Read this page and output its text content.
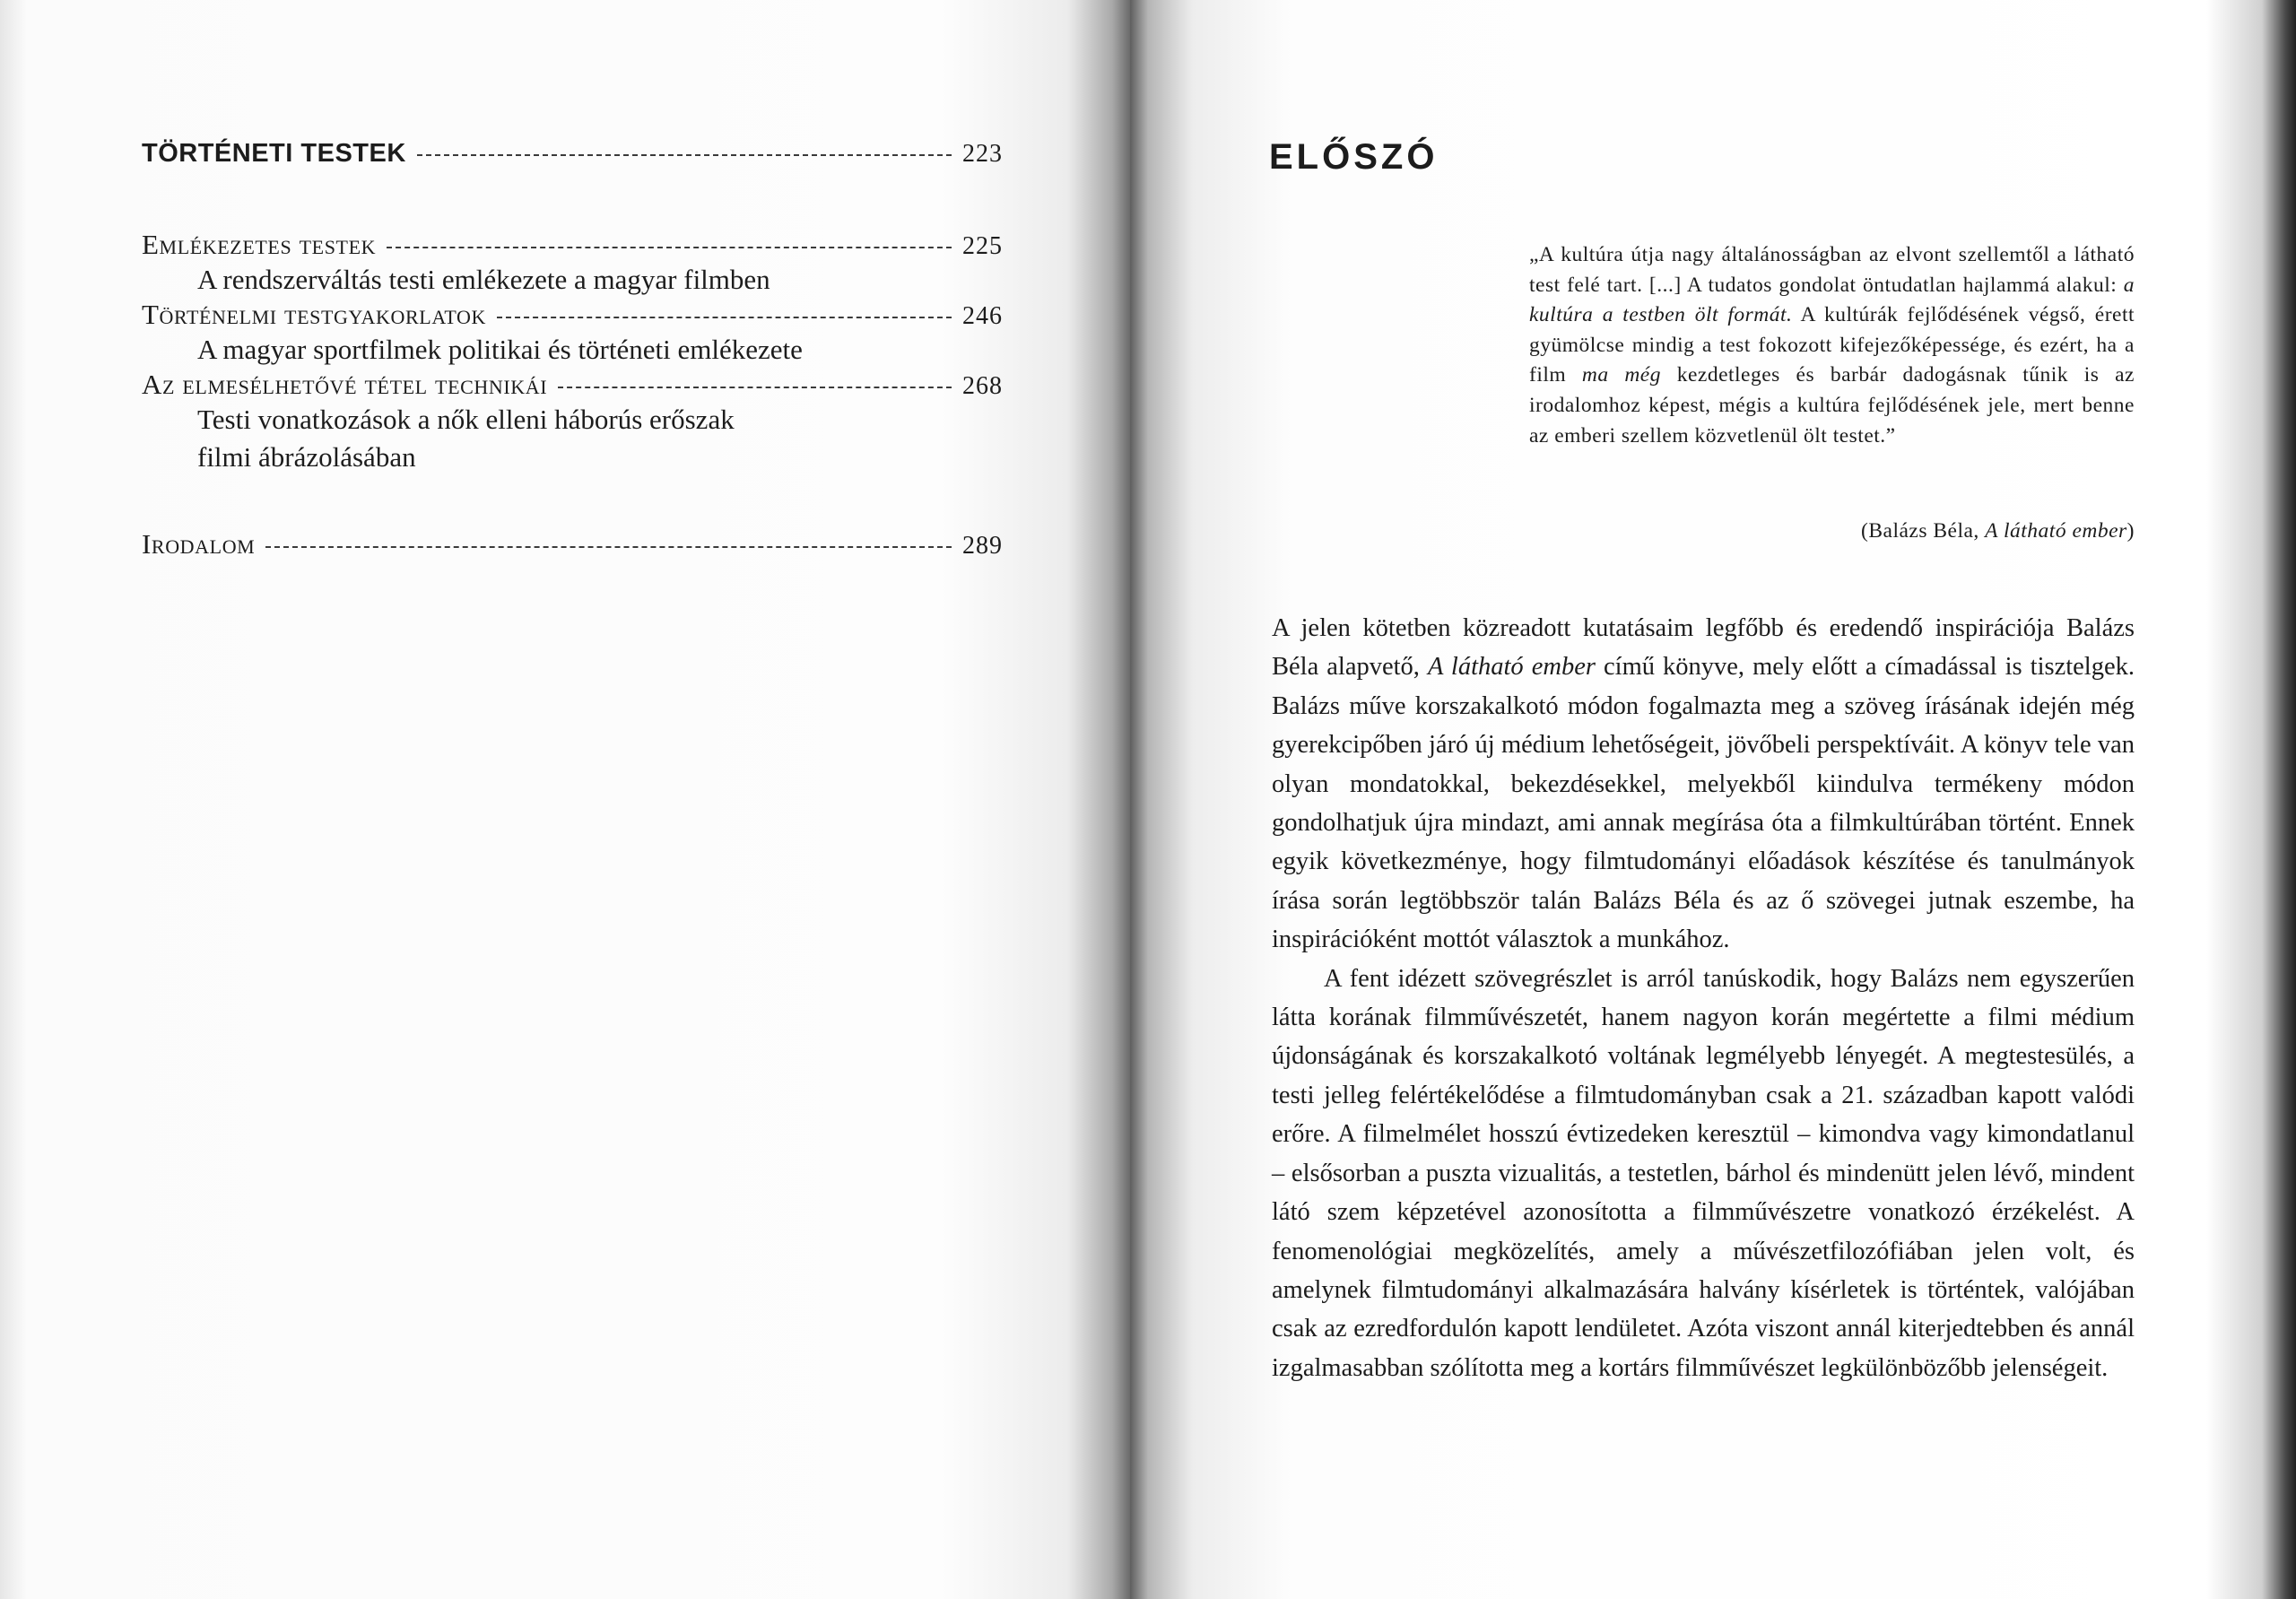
TÖRTÉNETI TESTEK	223
Emlékezetes testek	225
A rendszerváltás testi emlékezete a magyar filmben
Történelmi testgyakorlatok	246
A magyar sportfilmek politikai és történeti emlékezete
Az elmesélhetővé tétel technikái	268
Testi vonatkozások a nők elleni háborús erőszak
filmi ábrázolásában
Irodalom	289
ELŐSZÓ

„A kultúra útja nagy általánosságban az elvont szellemtől a látható test felé tart. [...] A tudatos gondolat öntudatlan hajlammá alakul: a kultúra a testben ölt formát. A kultúrák fejlődésének végső, érett gyümölcse mindig a test fokozott kifejezőképessége, és ezért, ha a film ma még kezdetleges és barbár dadogásnak tűnik is az irodalomhoz képest, mégis a kultúra fejlődésének jele, mert benne az emberi szellem közvetlenül ölt testet.”

(Balázs Béla, A látható ember)

A jelen kötetben közreadott kutatásaim legfőbb és eredendő inspirációja Balázs Béla alapvető, A látható ember című könyve, mely előtt a címadással is tisztelgek. Balázs műve korszakalkotó módon fogalmazta meg a szöveg írásának idején még gyerekcipőben járó új médium lehetőségeit, jövőbeli perspektíváit. A könyv tele van olyan mondatokkal, bekezdésekkel, melyekből kiindulva termékeny módon gondolhatjuk újra mindazt, ami annak megírása óta a filmkultúrában történt. Ennek egyik következménye, hogy filmtudományi előadások készítése és tanulmányok írása során legtöbbször talán Balázs Béla és az ő szövegei jutnak eszembe, ha inspirációként mottót választok a munkához.

A fent idézett szövegrészlet is arról tanúskodik, hogy Balázs nem egyszerűen látta korának filmművészetét, hanem nagyon korán megértette a filmi médium újdonságának és korszakalkotó voltának legmélyebb lényegét. A megtestesülés, a testi jelleg felértékelődése a filmtudományban csak a 21. században kapott valódi erőre. A filmelmélet hosszú évtizedeken keresztül – kimondva vagy kimondatlanul – elsősorban a puszta vizualitás, a testetlen, bárhol és mindenütt jelen lévő, mindent látó szem képzetével azonosította a filmművészetre vonatkozó érzékelést. A fenomenológiai megközelítés, amely a művészetfilozófiában jelen volt, és amelynek filmtudományi alkalmazására halvány kísérletek is történtek, valójában csak az ezredfordulón kapott lendületet. Azóta viszont annál kiterjedtebben és annál izgalmasabban szólította meg a kortárs filmművészet legkülönbözőbb jelenségeit.
